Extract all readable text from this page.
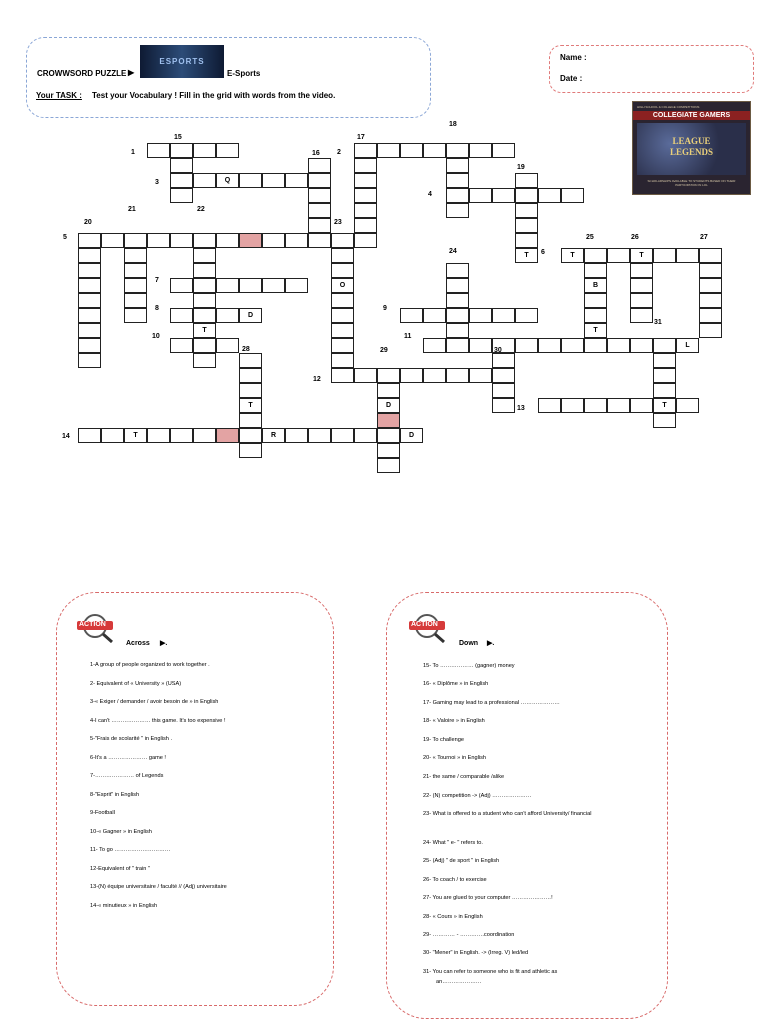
CROWWSORD PUZZLE ▶
ESPORTS
E-Sports
Your TASK : Test your Vocabulary ! Fill in the grid with words from the video.
Name :
Date :
HIGH SCHOOL & COLLEGE COMPETITIONS
COLLEGIATE GAMERS
LEAGUE
LEGENDS
SCHOLARSHIPS AVAILABLE TO STUDENTS BASED ON THEIR PARTICIPATION IN LOL
Q
T	T
O
D
T
L
T
T	R	D
T
B
T
T	D
1	2
3
4
5
6
7
8	9
10	11
12
13
14
15
16
17
18
19
20
21	22
23
24
25	26	27
28	29	30
31
ACTION
Across ▶.
1-A group of people organized to work together .
2- Equivalent of « University » (USA)
3-« Exiger / demander / avoir besoin de » in English
4-I can't ………………… this game. It's too expensive !
5-"Frais de scolarité " in English .
6-It's a ………………… game !
7-………………… of Legends
8-"Esprit" in English
9-Football
10-« Gagner » in English
11- To go …………………………
12-Equivalent of " train "
13-(N) équipe universitaire / faculté // (Adj) universitaire
14-« minutieux » in English
ACTION
Down ▶.
15- To ……………… (gagner) money
16- « Diplôme » in English
17- Gaming may lead to a professional …………………
18- « Valoire » in English
19- To challenge
20- « Tournoi » in English
21- the same / comparable /alike
22- (N) competition -> (Adj) …………………
23- What is offered to a student who can't afford University/ financial
24- What " e- " refers to.
25- (Adj) " de sport " in English
26- To coach / to exercise
27- You are glued to your computer …………………!
28- « Cours » in English
29- ………… - ………….coordination
30- "Mener" in English. -> (Irreg. V) led/led
31- You can refer to someone who is fit and athletic as
an…………………
